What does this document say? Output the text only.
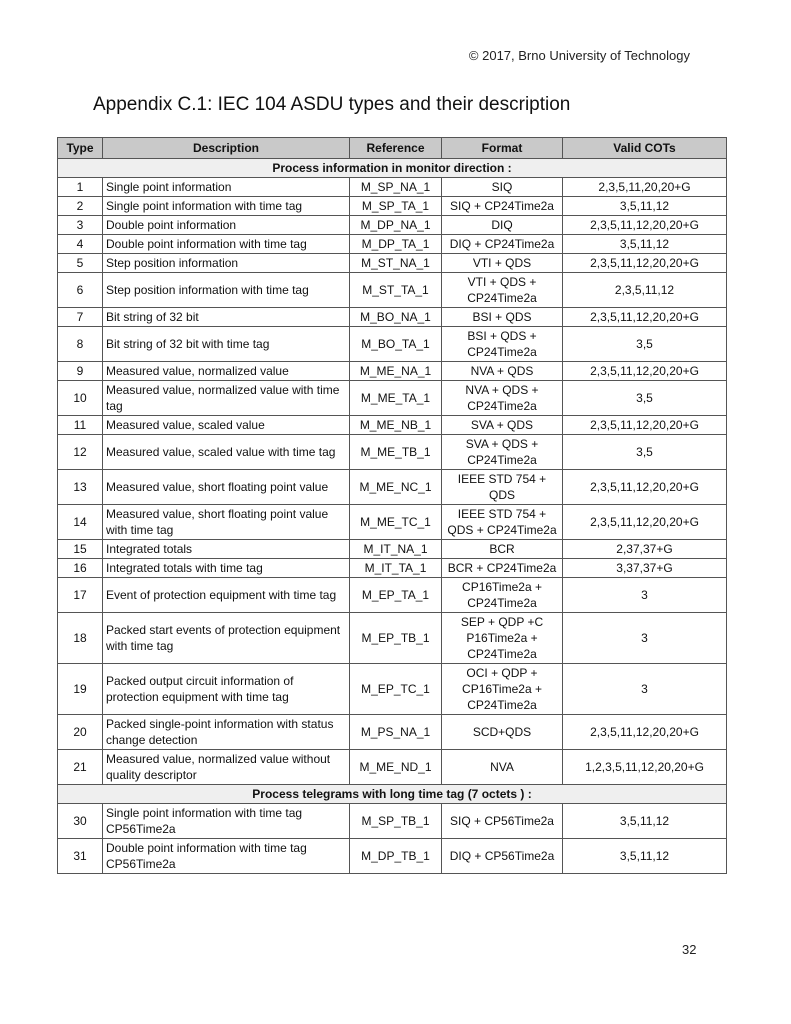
© 2017, Brno University of Technology
Appendix C.1: IEC 104 ASDU types and their description
Type	Description	Reference	Format	Valid COTs
Process information in monitor direction :				
1	Single point information	M_SP_NA_1	SIQ	2,3,5,11,20,20+G
2	Single point information with time tag	M_SP_TA_1	SIQ + CP24Time2a	3,5,11,12
3	Double point information	M_DP_NA_1	DIQ	2,3,5,11,12,20,20+G
4	Double point information with time tag	M_DP_TA_1	DIQ + CP24Time2a	3,5,11,12
5	Step position information	M_ST_NA_1	VTI + QDS	2,3,5,11,12,20,20+G
6	Step position information with time tag	M_ST_TA_1	VTI + QDS + CP24Time2a	2,3,5,11,12
7	Bit string of 32 bit	M_BO_NA_1	BSI + QDS	2,3,5,11,12,20,20+G
8	Bit string of 32 bit with time tag	M_BO_TA_1	BSI + QDS + CP24Time2a	3,5
9	Measured value, normalized value	M_ME_NA_1	NVA + QDS	2,3,5,11,12,20,20+G
10	Measured value, normalized value with time tag	M_ME_TA_1	NVA + QDS + CP24Time2a	3,5
11	Measured value, scaled value	M_ME_NB_1	SVA + QDS	2,3,5,11,12,20,20+G
12	Measured value, scaled value with time tag	M_ME_TB_1	SVA + QDS + CP24Time2a	3,5
13	Measured value, short floating point value	M_ME_NC_1	IEEE STD 754 + QDS	2,3,5,11,12,20,20+G
14	Measured value, short floating point value with time tag	M_ME_TC_1	IEEE STD 754 + QDS + CP24Time2a	2,3,5,11,12,20,20+G
15	Integrated totals	M_IT_NA_1	BCR	2,37,37+G
16	Integrated totals with time tag	M_IT_TA_1	BCR + CP24Time2a	3,37,37+G
17	Event of protection equipment with time tag	M_EP_TA_1	CP16Time2a + CP24Time2a	3
18	Packed start events of protection equipment with time tag	M_EP_TB_1	SEP + QDP +C P16Time2a + CP24Time2a	3
19	Packed output circuit information of protection equipment with time tag	M_EP_TC_1	OCI + QDP + CP16Time2a + CP24Time2a	3
20	Packed single-point information with status change detection	M_PS_NA_1	SCD+QDS	2,3,5,11,12,20,20+G
21	Measured value, normalized value without quality descriptor	M_ME_ND_1	NVA	1,2,3,5,11,12,20,20+G
Process telegrams with long time tag (7 octets ) :				
30	Single point information with time tag CP56Time2a	M_SP_TB_1	SIQ + CP56Time2a	3,5,11,12
31	Double point information with time tag CP56Time2a	M_DP_TB_1	DIQ + CP56Time2a	3,5,11,12
32
